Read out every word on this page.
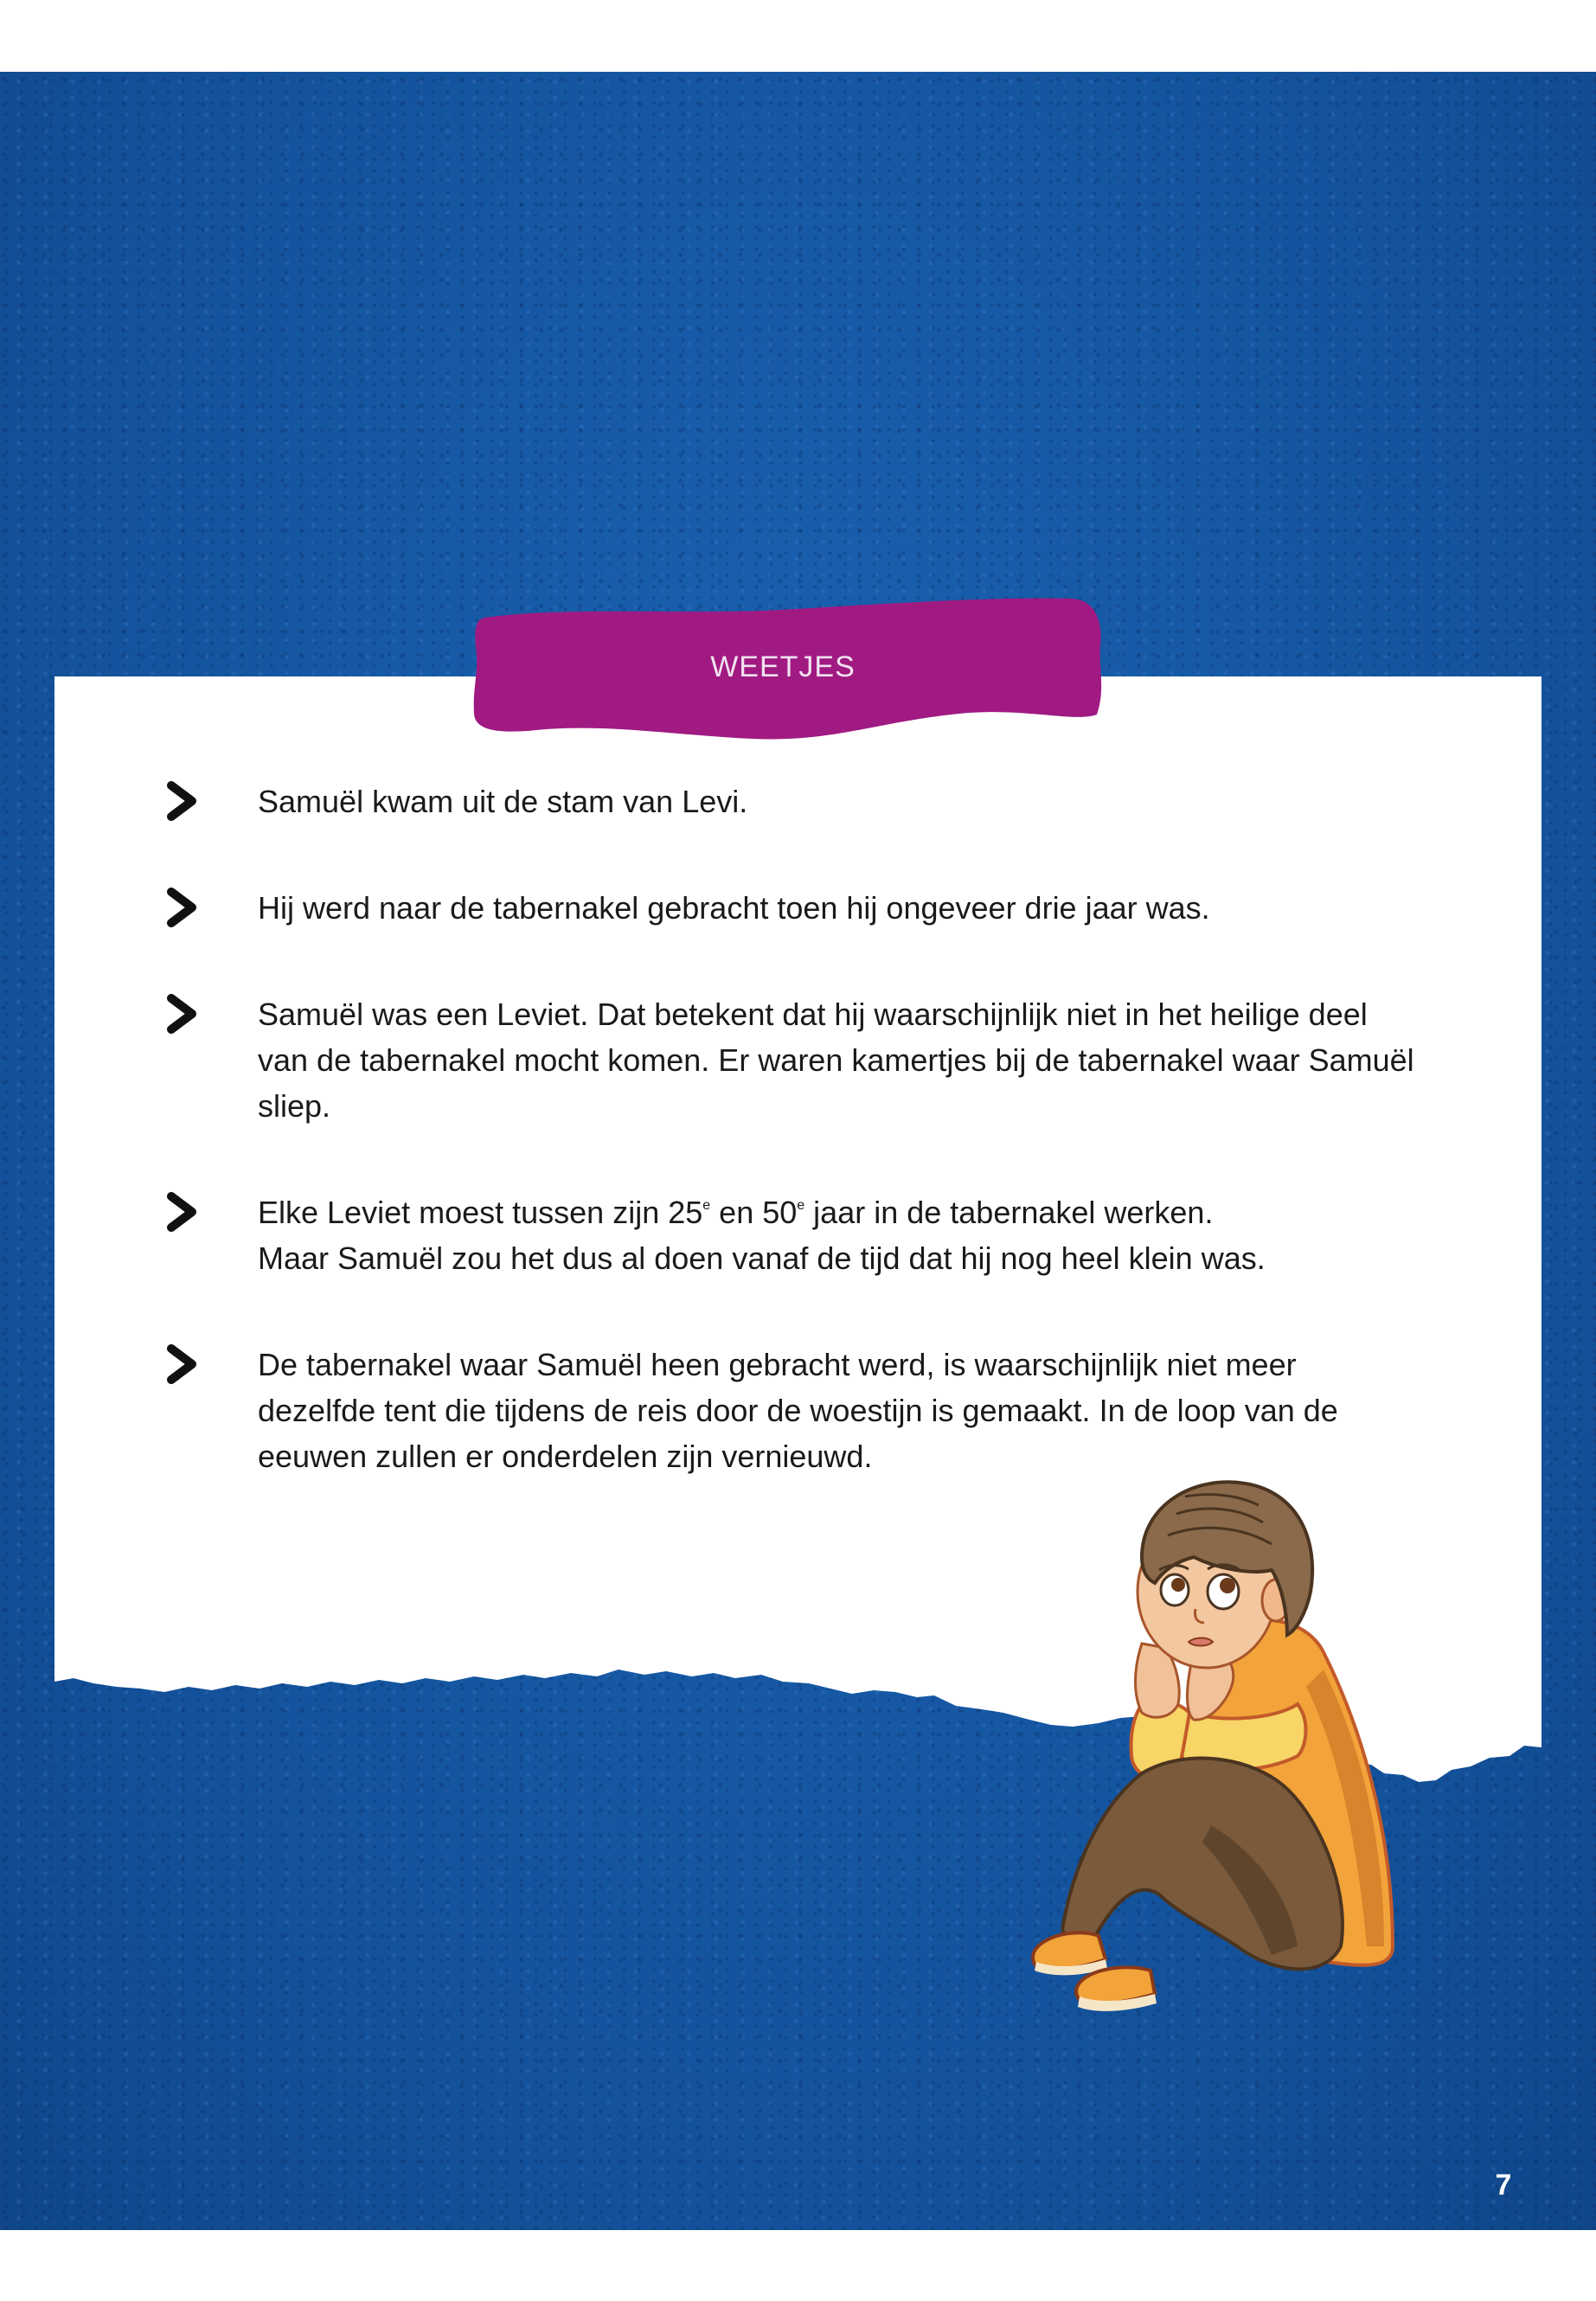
WEETJES
Samuël kwam uit de stam van Levi.
Hij werd naar de tabernakel gebracht toen hij ongeveer drie jaar was.
Samuël was een Leviet. Dat betekent dat hij waarschijnlijk niet in het heilige deel
van de tabernakel mocht komen. Er waren kamertjes bij de tabernakel waar Samuël
sliep.
Elke Leviet moest tussen zijn 25e en 50e jaar in de tabernakel werken.
Maar Samuël zou het dus al doen vanaf de tijd dat hij nog heel klein was.
De tabernakel waar Samuël heen gebracht werd, is waarschijnlijk niet meer
dezelfde tent die tijdens de reis door de woestijn is gemaakt. In de loop van de
eeuwen zullen er onderdelen zijn vernieuwd.
7
